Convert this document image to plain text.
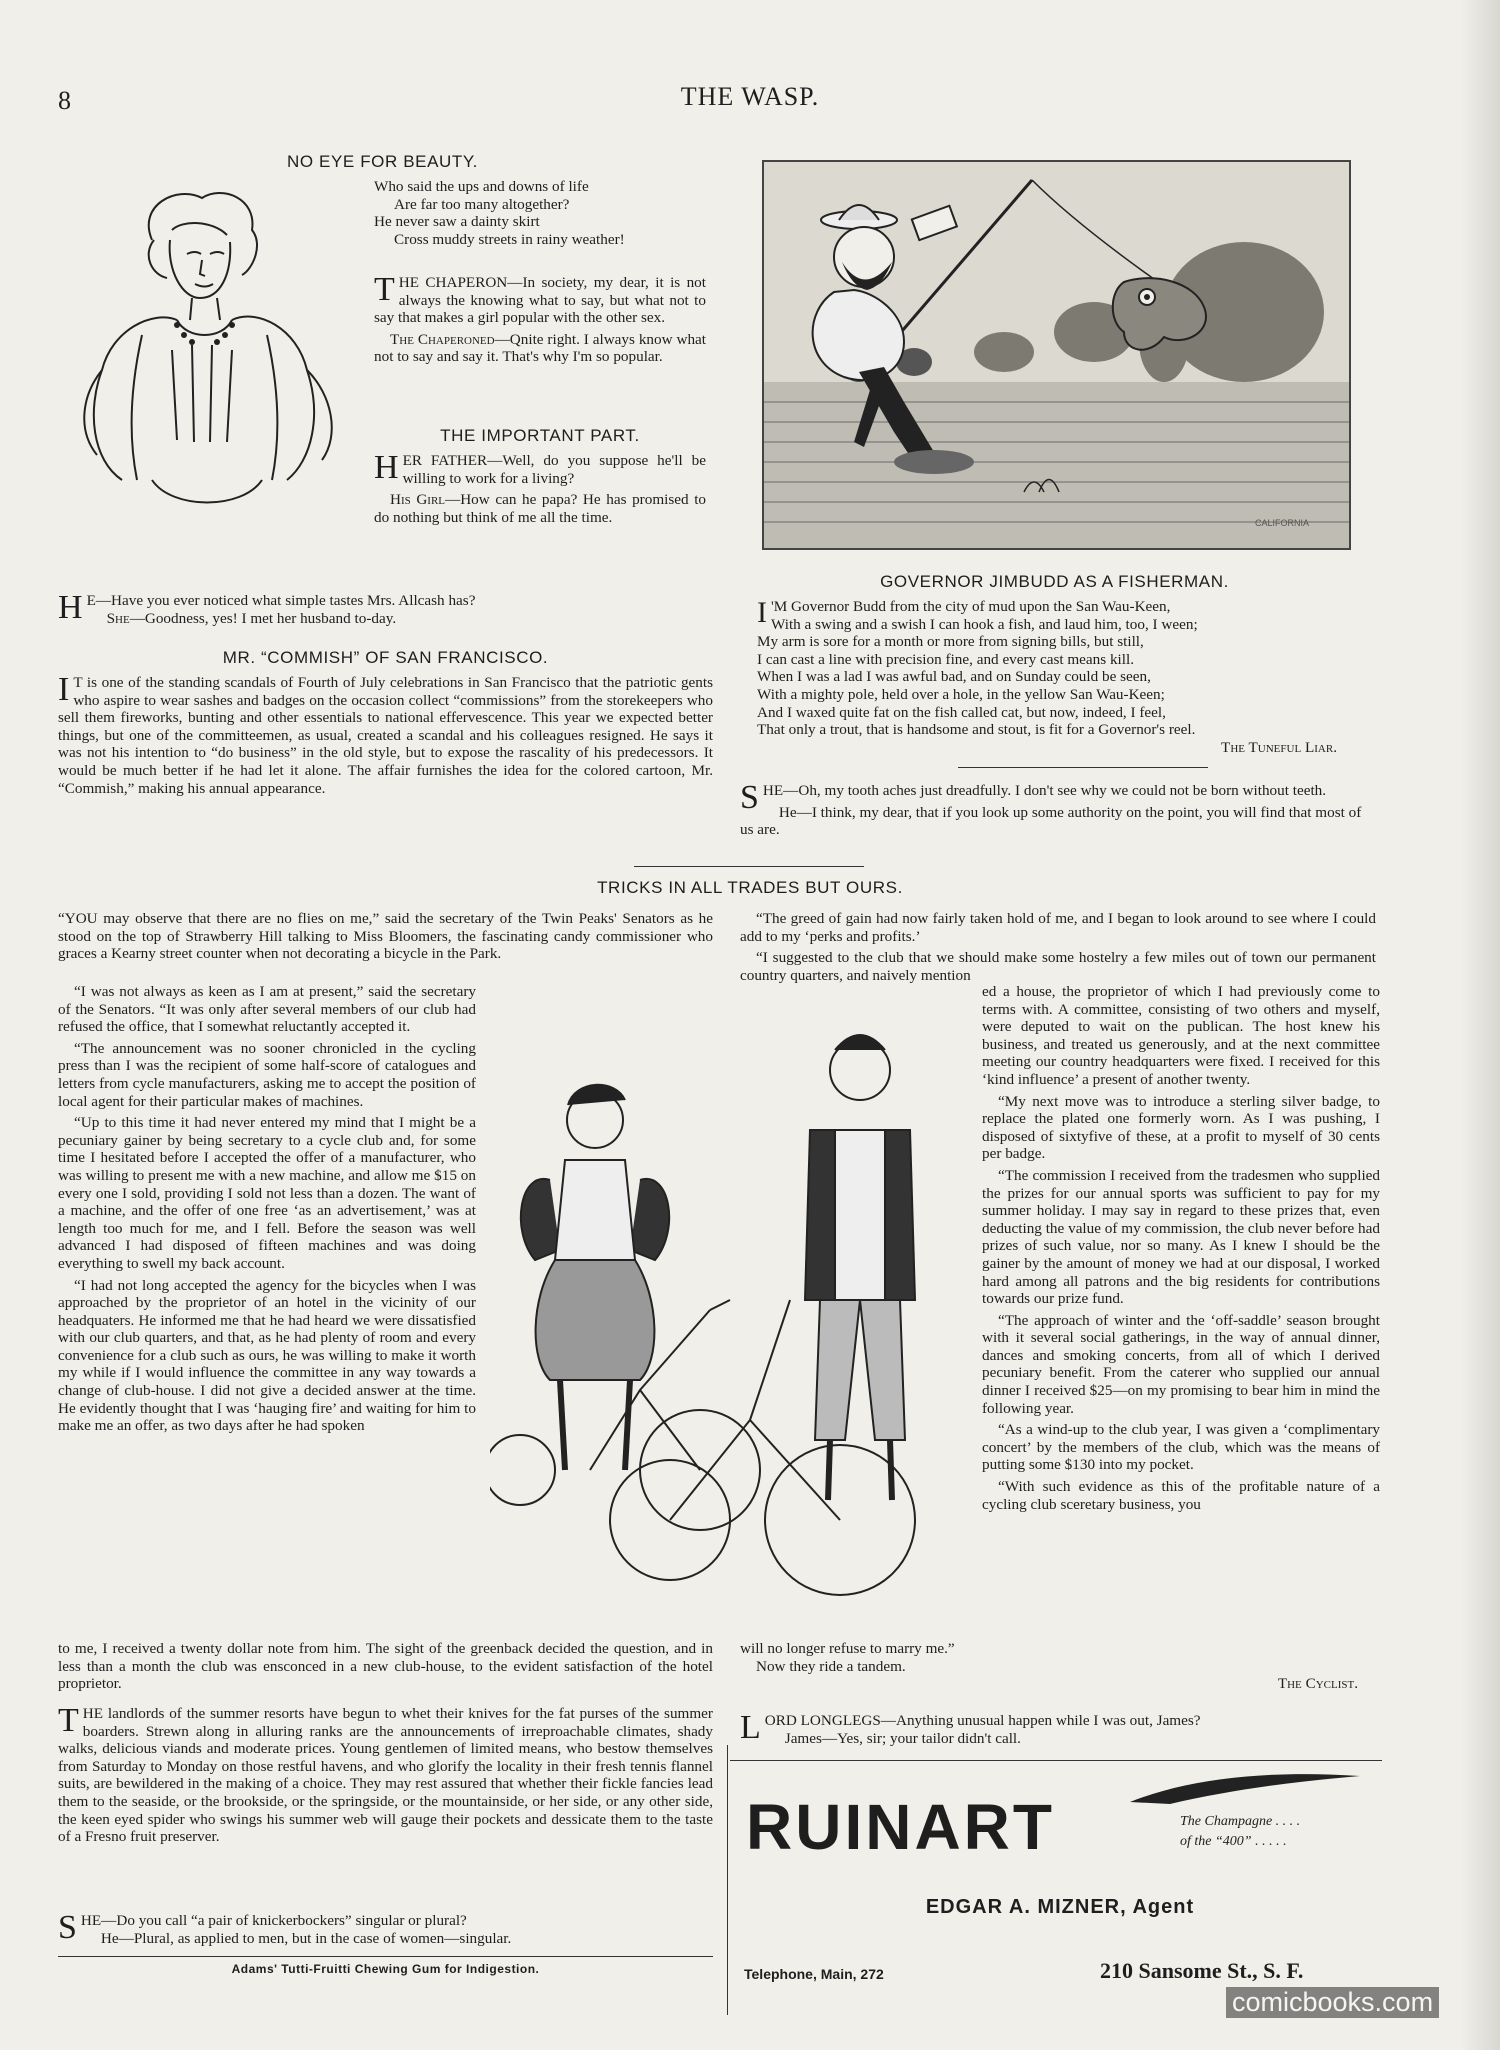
8	THE WASP.
NO EYE FOR BEAUTY.
Who said the ups and downs of life
Are far too many altogether?
He never saw a dainty skirt
Cross muddy streets in rainy weather!

THE CHAPERON—In society, my dear, it is not always the knowing what to say, but what not to say that makes a girl popular with the other sex.

The Chaperoned—Qnite right. I always know what not to say and say it. That's why I'm so popular.

THE IMPORTANT PART.

HER FATHER—Well, do you suppose he'll be willing to work for a living?

His Girl—How can he papa? He has promised to do nothing but think of me all the time.

H E—Have you ever noticed what simple tastes Mrs. Allcash has?
She—Goodness, yes! I met her husband to-day.

MR. “COMMISH” OF SAN FRANCISCO.

I T is one of the standing scandals of Fourth of July celebrations in San Francisco that the patriotic gents who aspire to wear sashes and badges on the occasion collect “commissions” from the storekeepers who sell them fireworks, bunting and other essentials to national effervescence. This year we expected better things, but one of the committeemen, as usual, created a scandal and his colleagues resigned. He says it was not his intention to “do business” in the old style, but to expose the rascality of his predecessors. It would be much better if he had let it alone. The affair furnishes the idea for the colored cartoon, Mr. “Commish,” making his annual appearance.

CALIFORNIA
GOVERNOR JIMBUDD AS A FISHERMAN.
I 'M Governor Budd from the city of mud upon the San Wau-Keen,
With a swing and a swish I can hook a fish, and laud him, too, I ween;
My arm is sore for a month or more from signing bills, but still,
I can cast a line with precision fine, and every cast means kill.
When I was a lad I was awful bad, and on Sunday could be seen,
With a mighty pole, held over a hole, in the yellow San Wau-Keen;
And I waxed quite fat on the fish called cat, but now, indeed, I feel,
That only a trout, that is handsome and stout, is fit for a Governor's reel.
The Tuneful Liar.

SHE—Oh, my tooth aches just dreadfully. I don't see why we could not be born without teeth.

He—I think, my dear, that if you look up some authority on the point, you will find that most of us are.

TRICKS IN ALL TRADES BUT OURS.

“YOU may observe that there are no flies on me,” said the secretary of the Twin Peaks' Senators as he stood on the top of Strawberry Hill talking to Miss Bloomers, the fascinating candy commissioner who graces a Kearny street counter when not decorating a bicycle in the Park.

“I was not always as keen as I am at present,” said the secretary of the Senators. “It was only after several members of our club had refused the office, that I somewhat reluctantly accepted it.

“The announcement was no sooner chronicled in the cycling press than I was the recipient of some half-score of catalogues and letters from cycle manufacturers, asking me to accept the position of local agent for their particular makes of machines.

“Up to this time it had never entered my mind that I might be a pecuniary gainer by being secretary to a cycle club and, for some time I hesitated before I accepted the offer of a manufacturer, who was willing to present me with a new machine, and allow me $15 on every one I sold, providing I sold not less than a dozen. The want of a machine, and the offer of one free ‘as an advertisement,’ was at length too much for me, and I fell. Before the season was well advanced I had disposed of fifteen machines and was doing everything to swell my back account.

“I had not long accepted the agency for the bicycles when I was approached by the proprietor of an hotel in the vicinity of our headquaters. He informed me that he had heard we were dissatisfied with our club quarters, and that, as he had plenty of room and every convenience for a club such as ours, he was willing to make it worth my while if I would influence the committee in any way towards a change of club-house. I did not give a decided answer at the time. He evidently thought that I was ‘hauging fire’ and waiting for him to make me an offer, as two days after he had spoken

to me, I received a twenty dollar note from him. The sight of the greenback decided the question, and in less than a month the club was ensconced in a new club-house, to the evident satisfaction of the hotel proprietor.

“The greed of gain had now fairly taken hold of me, and I began to look around to see where I could add to my ‘perks and profits.’

“I suggested to the club that we should make some hostelry a few miles out of town our permanent country quarters, and naively mention

ed a house, the proprietor of which I had previously come to terms with. A committee, consisting of two others and myself, were deputed to wait on the publican. The host knew his business, and treated us generously, and at the next committee meeting our country headquarters were fixed. I received for this ‘kind influence’ a present of another twenty.

“My next move was to introduce a sterling silver badge, to replace the plated one formerly worn. As I was pushing, I disposed of sixtyfive of these, at a profit to myself of 30 cents per badge.

“The commission I received from the tradesmen who supplied the prizes for our annual sports was sufficient to pay for my summer holiday. I may say in regard to these prizes that, even deducting the value of my commission, the club never before had prizes of such value, nor so many. As I knew I should be the gainer by the amount of money we had at our disposal, I worked hard among all patrons and the big residents for contributions towards our prize fund.

“The approach of winter and the ‘off-saddle’ season brought with it several social gatherings, in the way of annual dinner, dances and smoking concerts, from all of which I derived pecuniary benefit. From the caterer who supplied our annual dinner I received $25—on my promising to bear him in mind the following year.

“As a wind-up to the club year, I was given a ‘complimentary concert’ by the members of the club, which was the means of putting some $130 into my pocket.

“With such evidence as this of the profitable nature of a cycling club sceretary business, you

will no longer refuse to marry me.”

Now they ride a tandem.

The Cyclist.

THE landlords of the summer resorts have begun to whet their knives for the fat purses of the summer boarders. Strewn along in alluring ranks are the announcements of irreproachable climates, shady walks, delicious viands and moderate prices. Young gentlemen of limited means, who bestow themselves from Saturday to Monday on those restful havens, and who glorify the locality in their fresh tennis flannel suits, are bewildered in the making of a choice. They may rest assured that whether their fickle fancies lead them to the seaside, or the brookside, or the springside, or the mountainside, or her side, or any other side, the keen eyed spider who swings his summer web will gauge their pockets and dessicate them to the taste of a Fresno fruit preserver.

SHE—Do you call “a pair of knickerbockers” singular or plural?
He—Plural, as applied to men, but in the case of women—singular.

Adams' Tutti-Fruitti Chewing Gum for Indigestion.

LORD LONGLEGS—Anything unusual happen while I was out, James?
James—Yes, sir; your tailor didn't call.

RUINART	The Champagne . . . .
of the “400” . . . . .
EDGAR A. MIZNER, Agent
Telephone, Main, 272	210 Sansome St., S. F.
comicbooks.com
